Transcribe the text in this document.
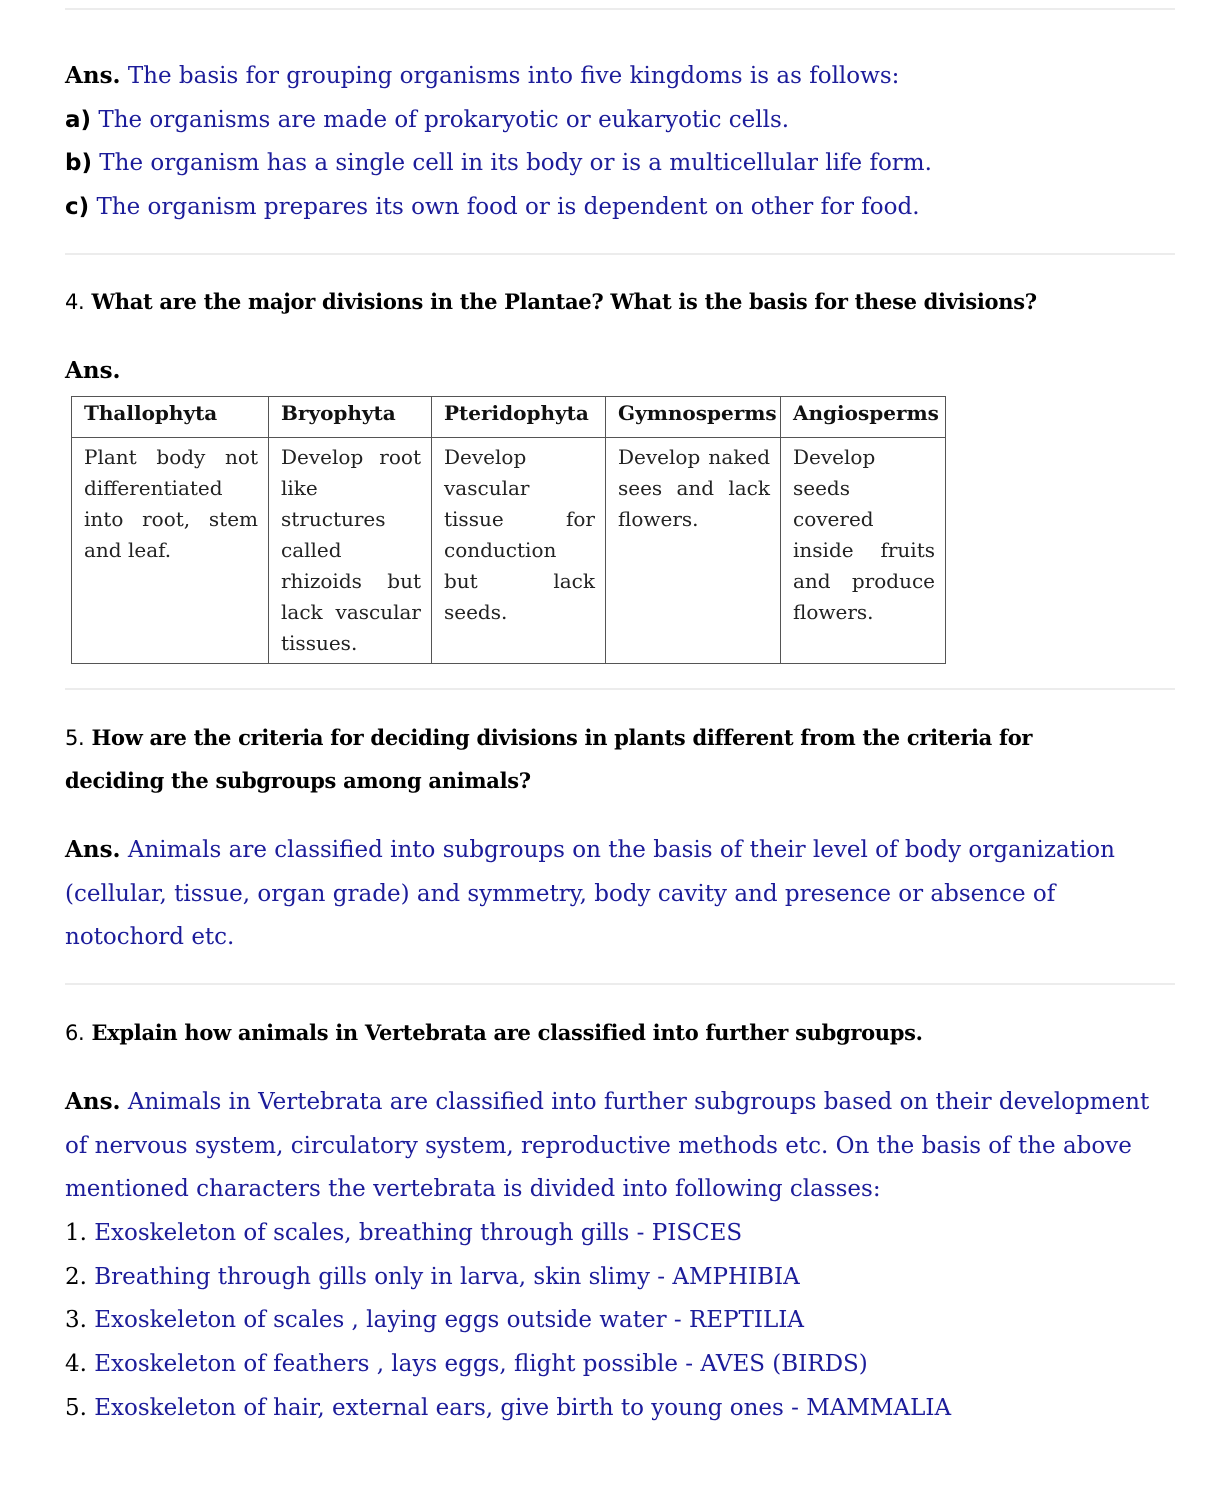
Ans. The basis for grouping organisms into five kingdoms is as follows:
a) The organisms are made of prokaryotic or eukaryotic cells.
b) The organism has a single cell in its body or is a multicellular life form.
c) The organism prepares its own food or is dependent on other for food.
4. What are the major divisions in the Plantae? What is the basis for these divisions?
Ans.
Thallophyta	Bryophyta	Pteridophyta	Gymnosperms	Angiosperms
Plant body not differentiated into root, stem and leaf.	Develop root like structures called rhizoids but lack vascular tissues.	Develop vascular tissue for conduction but lack seeds.	Develop naked sees and lack flowers.	Develop seeds covered inside fruits and produce flowers.
5. How are the criteria for deciding divisions in plants different from the criteria for
deciding the subgroups among animals?
Ans. Animals are classified into subgroups on the basis of their level of body organization
(cellular, tissue, organ grade) and symmetry, body cavity and presence or absence of
notochord etc.
6. Explain how animals in Vertebrata are classified into further subgroups.
Ans. Animals in Vertebrata are classified into further subgroups based on their development
of nervous system, circulatory system, reproductive methods etc. On the basis of the above
mentioned characters the vertebrata is divided into following classes:
1. Exoskeleton of scales, breathing through gills - PISCES
2. Breathing through gills only in larva, skin slimy - AMPHIBIA
3. Exoskeleton of scales , laying eggs outside water - REPTILIA
4. Exoskeleton of feathers , lays eggs, flight possible - AVES (BIRDS)
5. Exoskeleton of hair, external ears, give birth to young ones - MAMMALIA
